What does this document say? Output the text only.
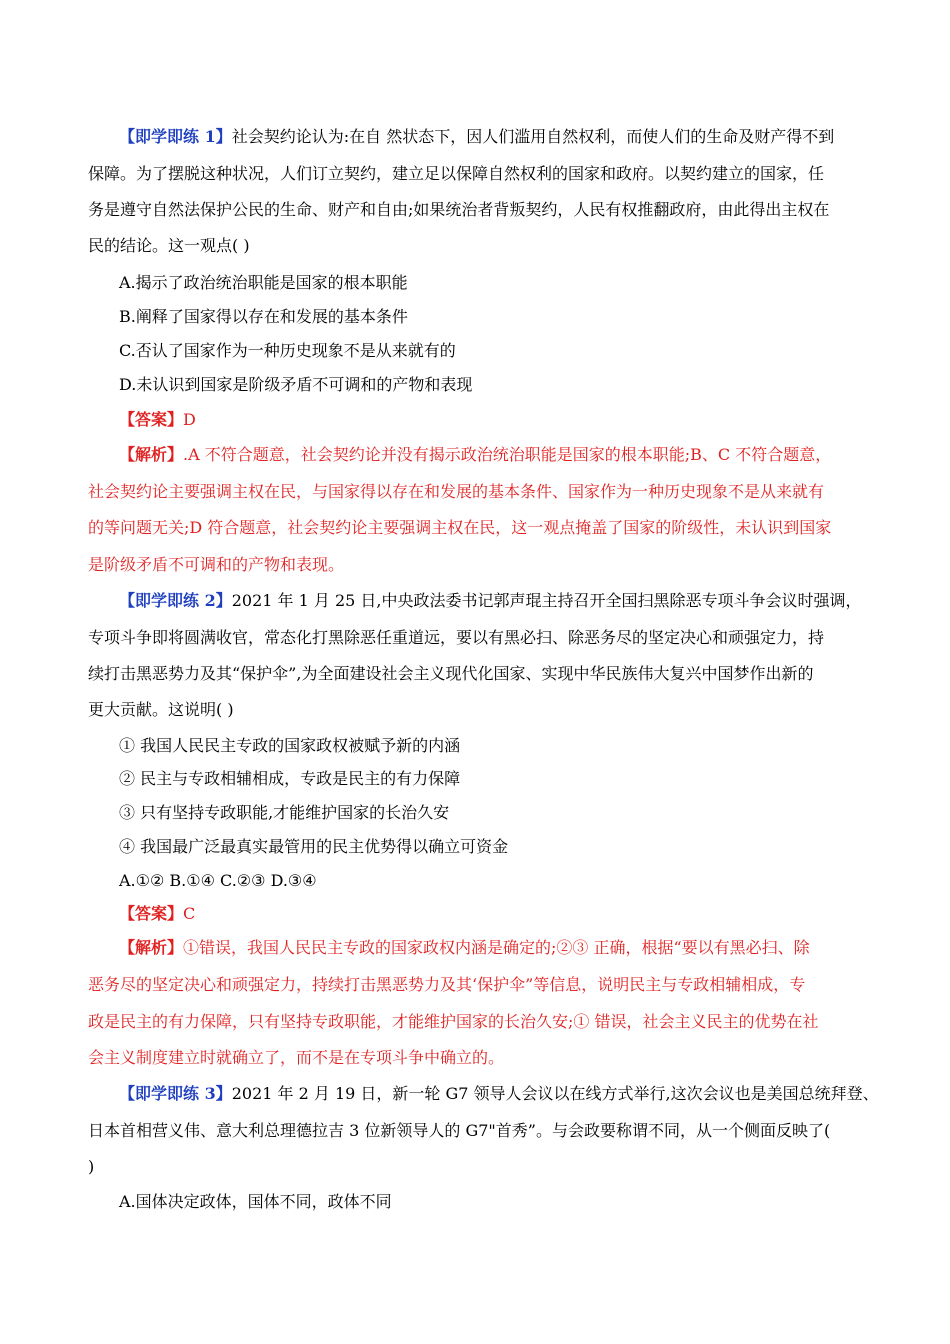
【即学即练 1】社会契约论认为:在自 然状态下，因人们滥用自然权利，而使人们的生命及财产得不到
保障。为了摆脱这种状况，人们订立契约，建立足以保障自然权利的国家和政府。以契约建立的国家，任
务是遵守自然法保护公民的生命、财产和自由;如果统治者背叛契约，人民有权推翻政府，由此得出主权在
民的结论。这一观点( )
A.揭示了政治统治职能是国家的根本职能
B.阐释了国家得以存在和发展的基本条件
C.否认了国家作为一种历史现象不是从来就有的
D.未认识到国家是阶级矛盾不可调和的产物和表现
【答案】D
【解析】.A 不符合题意，社会契约论并没有揭示政治统治职能是国家的根本职能;B、C 不符合题意，
社会契约论主要强调主权在民，与国家得以存在和发展的基本条件、国家作为一种历史现象不是从来就有
的等问题无关;D 符合题意，社会契约论主要强调主权在民，这一观点掩盖了国家的阶级性，未认识到国家
是阶级矛盾不可调和的产物和表现。
【即学即练 2】2021 年 1 月 25 日,中央政法委书记郭声琨主持召开全国扫黑除恶专项斗争会议时强调，
专项斗争即将圆满收官，常态化打黑除恶任重道远，要以有黑必扫、除恶务尽的坚定决心和顽强定力，持
续打击黑恶势力及其“保护伞”,为全面建设社会主义现代化国家、实现中华民族伟大复兴中国梦作出新的
更大贡献。这说明( )
① 我国人民民主专政的国家政权被赋予新的内涵
② 民主与专政相辅相成，专政是民主的有力保障
③ 只有坚持专政职能,才能维护国家的长治久安
④ 我国最广泛最真实最管用的民主优势得以确立可资金
A.①② B.①④ C.②③ D.③④
【答案】C
【解析】①错误，我国人民民主专政的国家政权内涵是确定的;②③ 正确，根据“要以有黑必扫、除
恶务尽的坚定决心和顽强定力，持续打击黑恶势力及其‘保护伞”等信息，说明民主与专政相辅相成，专
政是民主的有力保障，只有坚持专政职能，才能维护国家的长治久安;① 错误，社会主义民主的优势在社
会主义制度建立时就确立了，而不是在专项斗争中确立的。
【即学即练 3】2021 年 2 月 19 日，新一轮 G7 领导人会议以在线方式举行,这次会议也是美国总统拜登、
日本首相营义伟、意大利总理德拉吉 3 位新领导人的 G7"首秀”。与会政要称谓不同，从一个侧面反映了(
)
A.国体决定政体，国体不同，政体不同
